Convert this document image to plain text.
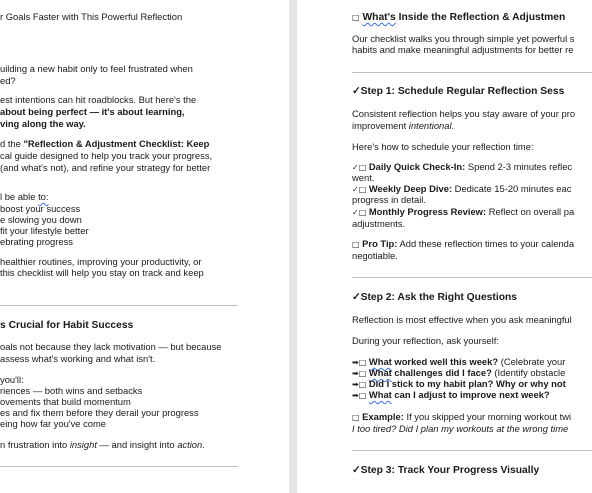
r Goals Faster with This Powerful Reflection
uilding a new habit only to feel frustrated when
ed?
est intentions can hit roadblocks. But here's the
about being perfect — it's about learning,
ving along the way.
d the "Reflection & Adjustment Checklist: Keep
cal guide designed to help you track your progress,
(and what's not), and refine your strategy for better
l be able to:
boost your success
e slowing you down
fit your lifestyle better
ebrating progress
healthier routines, improving your productivity, or
this checklist will help you stay on track and keep
s Crucial for Habit Success
oals not because they lack motivation — but because
assess what's working and what isn't.
you'll:
riences — both wins and setbacks
ovements that build momentum
es and fix them before they derail your progress
eing how far you've come
n frustration into insight — and insight into action.
□ What's Inside the Reflection & Adjustmen
Our checklist walks you through simple yet powerful s
habits and make meaningful adjustments for better re
✓Step 1: Schedule Regular Reflection Sess
Consistent reflection helps you stay aware of your pro
improvement intentional.
Here's how to schedule your reflection time:
✓□ Daily Quick Check-In: Spend 2-3 minutes reflec
went.
✓□ Weekly Deep Dive: Dedicate 15-20 minutes eac
progress in detail.
✓□ Monthly Progress Review: Reflect on overall pa
adjustments.
□ Pro Tip: Add these reflection times to your calenda
negotiable.
✓Step 2: Ask the Right Questions
Reflection is most effective when you ask meaningful
During your reflection, ask yourself:
➡□ What worked well this week? (Celebrate your
➡□ What challenges did I face? (Identify obstacle
➡□ Did I stick to my habit plan? Why or why not
➡□ What can I adjust to improve next week?
□ Example: If you skipped your morning workout twi
I too tired? Did I plan my workouts at the wrong time
✓Step 3: Track Your Progress Visually
